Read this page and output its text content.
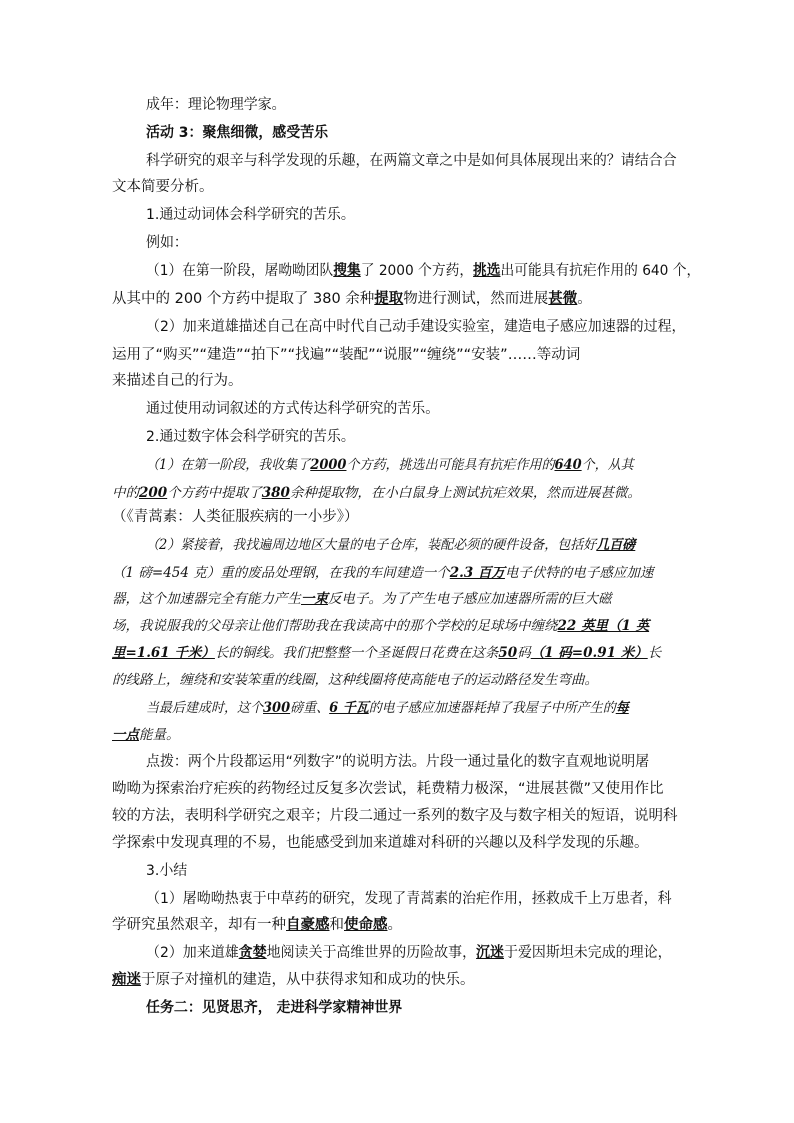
成年：理论物理学家。
活动 3：聚焦细微，感受苦乐
科学研究的艰辛与科学发现的乐趣，在两篇文章之中是如何具体展现出来的？请结合合
文本简要分析。
1.通过动词体会科学研究的苦乐。
例如：
（1）在第一阶段，屠呦呦团队搜集了 2000 个方药，挑选出可能具有抗疟作用的 640 个，
从其中的 200 个方药中提取了 380 余种提取物进行测试，然而进展甚微。
（2）加来道雄描述自己在高中时代自己动手建设实验室，建造电子感应加速器的过程，
运用了“购买”“建造”“拍下”“找遍”“装配”“说服”“缠绕”“安装”……等动词
来描述自己的行为。
通过使用动词叙述的方式传达科学研究的苦乐。
2.通过数字体会科学研究的苦乐。
（1）在第一阶段，我收集了2000个方药，挑选出可能具有抗疟作用的640个，从其
中的200个方药中提取了380余种提取物，在小白鼠身上测试抗疟效果，然而进展甚微。
（《青蒿素：人类征服疾病的一小步》）
（2）紧接着，我找遍周边地区大量的电子仓库，装配必须的硬件设备，包括好几百磅
（1 磅=454 克）重的废品处理钢，在我的车间建造一个2.3 百万电子伏特的电子感应加速
器，这个加速器完全有能力产生一束反电子。为了产生电子感应加速器所需的巨大磁
场，我说服我的父母亲让他们帮助我在我读高中的那个学校的足球场中缠绕22 英里（1 英
里=1.61 千米）长的铜线。我们把整整一个圣诞假日花费在这条50码（1 码=0.91 米）长
的线路上，缠绕和安装笨重的线圈，这种线圈将使高能电子的运动路径发生弯曲。
当最后建成时，这个300磅重、6 千瓦的电子感应加速器耗掉了我屋子中所产生的每
一点能量。
点拨：两个片段都运用“列数字”的说明方法。片段一通过量化的数字直观地说明屠
呦呦为探索治疗疟疾的药物经过反复多次尝试，耗费精力极深，“进展甚微”又使用作比
较的方法，表明科学研究之艰辛；片段二通过一系列的数字及与数字相关的短语，说明科
学探索中发现真理的不易，也能感受到加来道雄对科研的兴趣以及科学发现的乐趣。
3.小结
（1）屠呦呦热衷于中草药的研究，发现了青蒿素的治疟作用，拯救成千上万患者，科
学研究虽然艰辛，却有一种自豪感和使命感。
（2）加来道雄贪婪地阅读关于高维世界的历险故事，沉迷于爱因斯坦未完成的理论，
痴迷于原子对撞机的建造，从中获得求知和成功的快乐。
任务二：见贤思齐， 走进科学家精神世界
